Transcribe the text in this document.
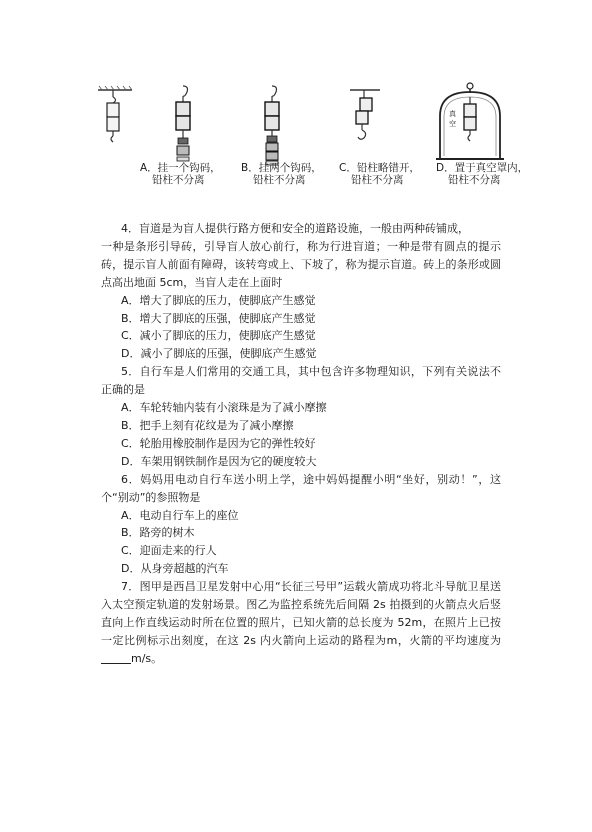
真
空
A．挂一个钩码，
铅柱不分离
B．挂两个钩码，
铅柱不分离
C．铅柱略错开，
铅柱不分离
D．置于真空罩内，
铅柱不分离

4．盲道是为盲人提供行路方便和安全的道路设施，一般由两种砖铺成，

一种是条形引导砖，引导盲人放心前行，称为行进盲道；一种是带有圆点的提示砖，提示盲人前面有障碍，该转弯或上、下坡了，称为提示盲道。砖上的条形或圆点高出地面 5cm，当盲人走在上面时

A．增大了脚底的压力，使脚底产生感觉

B．增大了脚底的压强，使脚底产生感觉

C．减小了脚底的压力，使脚底产生感觉

D．减小了脚底的压强，使脚底产生感觉

5．自行车是人们常用的交通工具，其中包含许多物理知识，下列有关说法不正确的是

A．车轮转轴内装有小滚珠是为了减小摩擦

B．把手上刻有花纹是为了减小摩擦

C．轮胎用橡胶制作是因为它的弹性较好

D．车架用钢铁制作是因为它的硬度较大

6．妈妈用电动自行车送小明上学，途中妈妈提醒小明“坐好，别动！”，这个“别动”的参照物是

A．电动自行车上的座位

B．路旁的树木

C．迎面走来的行人

D．从身旁超越的汽车

7．图甲是西昌卫星发射中心用“长征三号甲”运载火箭成功将北斗导航卫星送入太空预定轨道的发射场景。图乙为监控系统先后间隔 2s 拍摄到的火箭点火后竖直向上作直线运动时所在位置的照片，已知火箭的总长度为 52m，在照片上已按一定比例标示出刻度，在这 2s 内火箭向上运动的路程为m，火箭的平均速度为m/s。
